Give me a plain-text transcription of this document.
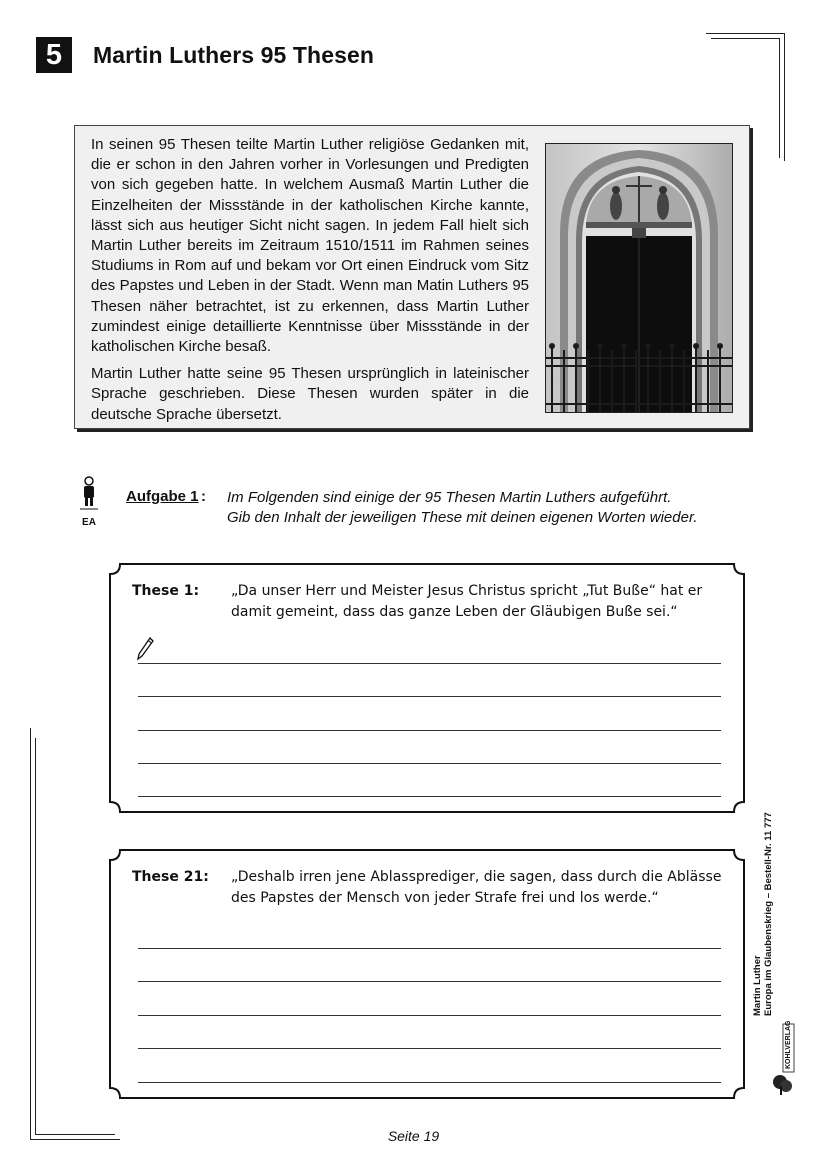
5	Martin Luthers 95 Thesen

In seinen 95 Thesen teilte Martin Luther religiöse Gedanken mit, die er schon in den Jahren vorher in Vorlesungen und Predigten von sich gegeben hatte. In welchem Ausmaß Martin Luther die Einzelheiten der Missstände in der katholischen Kirche kannte, lässt sich aus heutiger Sicht nicht sagen. In jedem Fall hielt sich Martin Luther bereits im Zeitraum 1510/1511 im Rahmen seines Studiums in Rom auf und bekam vor Ort einen Eindruck vom Sitz des Papstes und Leben in der Stadt. Wenn man Matin Luthers 95 Thesen näher betrachtet, ist zu erkennen, dass Martin Luther zumindest einige detaillierte Kenntnisse über Missstände in der katholischen Kirche besaß.

Martin Luther hatte seine 95 Thesen ursprünglich in lateinischer Sprache geschrieben. Diese Thesen wurden später in die deutsche Sprache übersetzt.

EA
Aufgabe 1 : Im Folgenden sind einige der 95 Thesen Martin Luthers aufgeführt.
Gib den Inhalt der jeweiligen These mit deinen eigenen Worten wieder.
These 1: „Da unser Herr und Meister Jesus Christus spricht „Tut Buße“ hat er
damit gemeint, dass das ganze Leben der Gläubigen Buße sei.“
These 21: „Deshalb irren jene Ablassprediger, die sagen, dass durch die Ablässe
des Papstes der Mensch von jeder Strafe frei und los werde.“
Martin Luther Europa im Glaubenskrieg – Bestell-Nr. 11 777
KOHLVERLAG
Seite 19
